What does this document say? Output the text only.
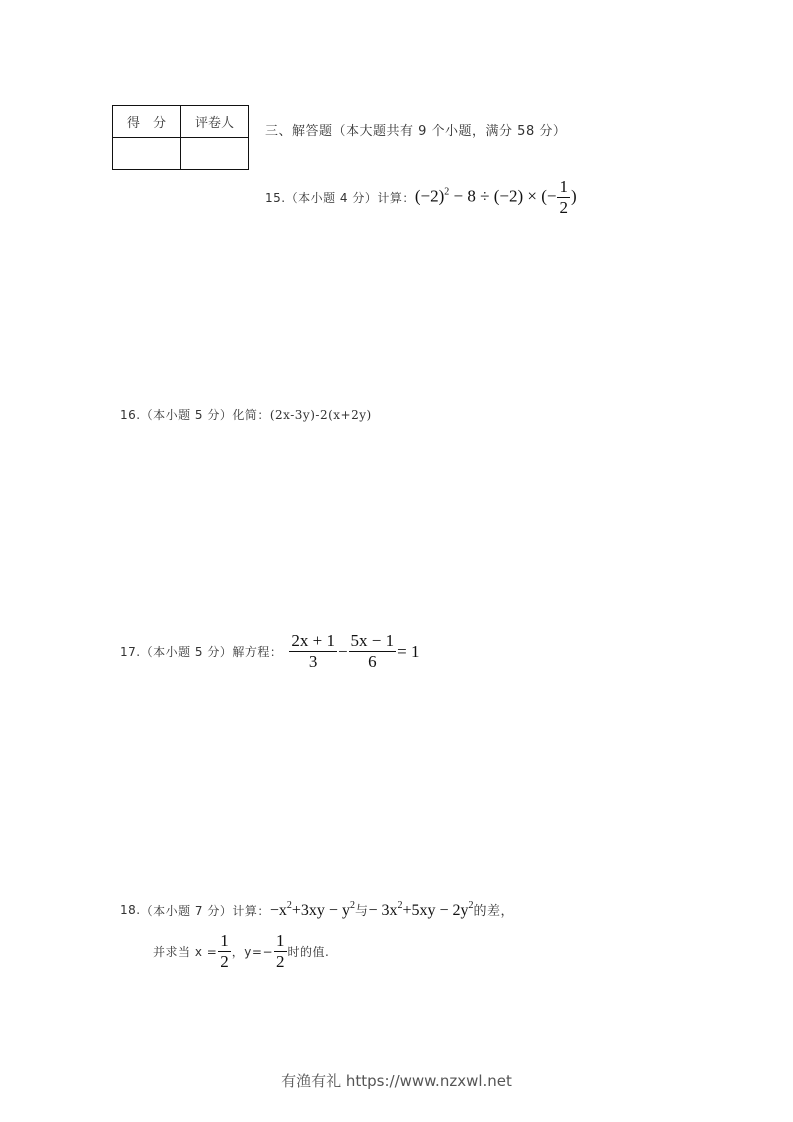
得　分	评卷人

三、解答题（本大题共有 9 个小题，满分 58 分）
15. （本小题 4 分）计算： $(-2)^2 - 8 \div (-2)$ × (− $\frac{1}{2}$ )
16. （本小题 5 分）化简： (2x-3y)-2(x+2y)
17. （本小题 5 分）解方程： $\frac{2x + 1}{3} - \frac{5x - 1}{6} = 1$
18. （本小题 7 分）计算： $-x^2+3xy - y^2$与− $3x^2+5xy - 2y^2$的差，
并求当 $x = \frac{1}{2}$ ，$y=- \frac{1}{2}$ 时的值.
有渔有礼 https://www.nzxwl.net
